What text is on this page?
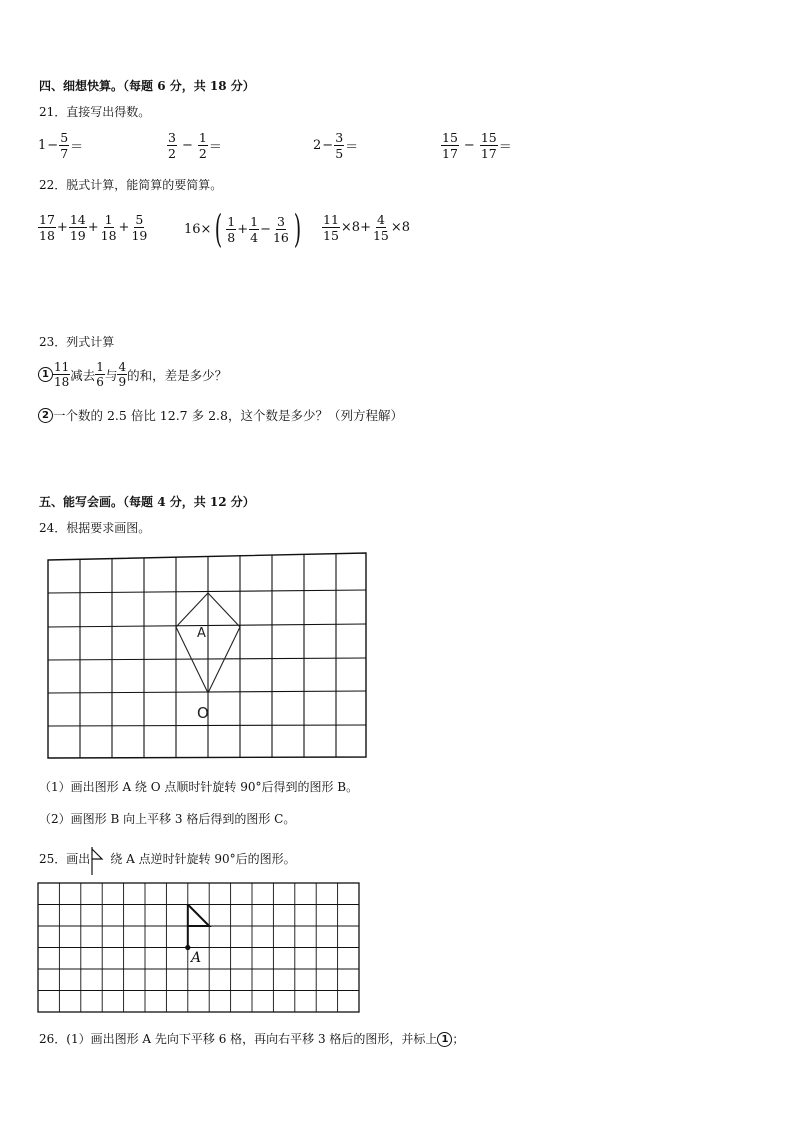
四、细想快算。（每题 6 分，共 18 分）
21．直接写出得数。
$1 - \frac{5}{7}$ ＝	$\frac{3}{2} - \frac{1}{2}$ ＝	$2 - \frac{3}{5}$ ＝	$\frac{15}{17} - \frac{15}{17}$ ＝
22．脱式计算，能简算的要简算。
$\frac{17}{18} + \frac{14}{19} + \frac{1}{18} + \frac{5}{19}$	16× ( $\frac{1}{8} + \frac{1}{4} - \frac{3}{16}$ ) $\frac{11}{15} \times 8+ \frac{4}{15} \times 8$
23．列式计算
$1 \frac{11}{18}$ 减去 $\frac{1}{6}$ 与 $\frac{4}{9}$ 的和，差是多少？
2 一个数的 2.5 倍比 12.7 多 2.8，这个数是多少？（列方程解）
五、能写会画。（每题 4 分，共 12 分）
24．根据要求画图。
A
O
（1）画出图形 A 绕 O 点顺时针旋转 90°后得到的图形 B。
（2）画图形 B 向上平移 3 格后得到的图形 C。
25．画出 绕 A 点逆时针旋转 90°后的图形。
A
26．(1）画出图形 A 先向下平移 6 格，再向右平移 3 格后的图形，并标上 1 ；
